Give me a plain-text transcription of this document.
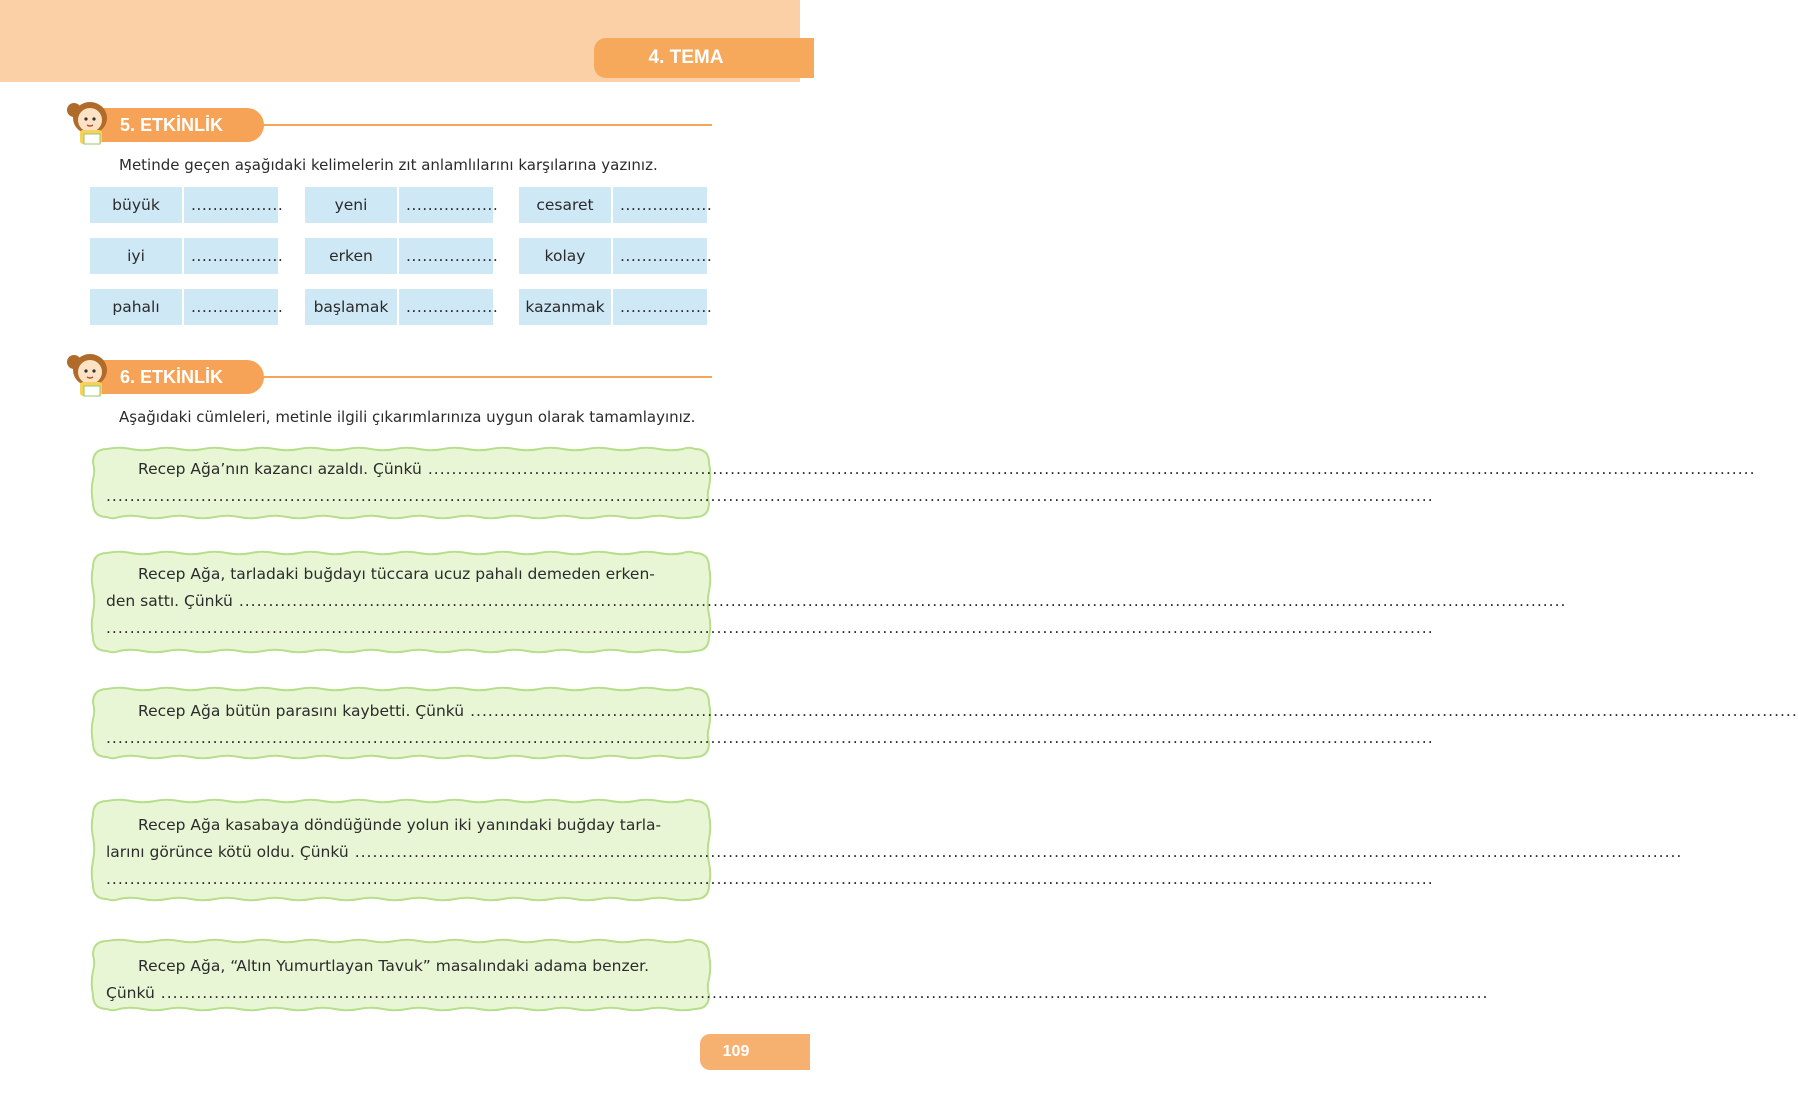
4. TEMA
5. ETKİNLİK
Metinde geçen aşağıdaki kelimelerin zıt anlamlılarını karşılarına yazınız.
büyük	.................	yeni	.................	cesaret	.................
iyi	.................	erken	.................	kolay	.................
pahalı	.................	başlamak	.................	kazanmak .................
6. ETKİNLİK
Aşağıdaki cümleleri, metinle ilgili çıkarımlarınıza uygun olarak tamamlayınız.
Recep Ağa’nın kazancı azaldı. Çünkü ................................................................................................................................................................................................................................
................................................................................................................................................................................................................................
Recep Ağa, tarladaki buğdayı tüccara ucuz pahalı demeden erken-
den sattı. Çünkü ................................................................................................................................................................................................................................
................................................................................................................................................................................................................................
Recep Ağa bütün parasını kaybetti. Çünkü ................................................................................................................................................................................................................................
................................................................................................................................................................................................................................
Recep Ağa kasabaya döndüğünde yolun iki yanındaki buğday tarla-
larını görünce kötü oldu. Çünkü ................................................................................................................................................................................................................................
................................................................................................................................................................................................................................
Recep Ağa, “Altın Yumurtlayan Tavuk” masalındaki adama benzer.
Çünkü ................................................................................................................................................................................................................................
109
